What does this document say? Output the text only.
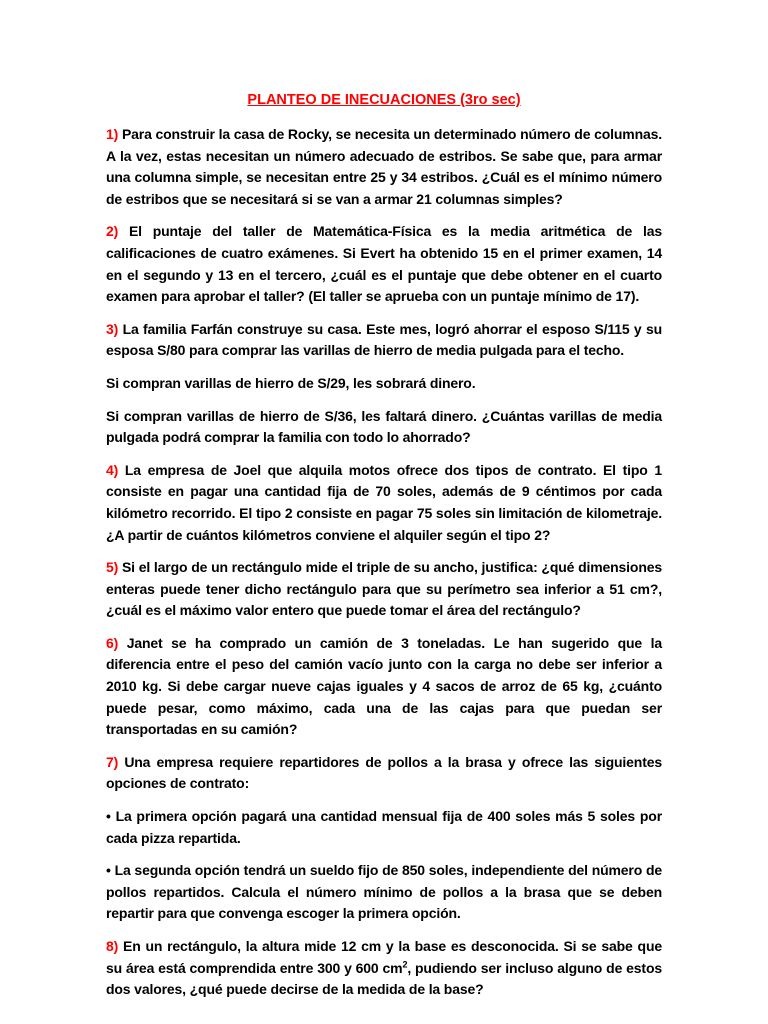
PLANTEO DE INECUACIONES (3ro sec)

1) Para construir la casa de Rocky, se necesita un determinado número de columnas. A la vez, estas necesitan un número adecuado de estribos. Se sabe que, para armar una columna simple, se necesitan entre 25 y 34 estribos. ¿Cuál es el mínimo número de estribos que se necesitará si se van a armar 21 columnas simples?

2) El puntaje del taller de Matemática-Física es la media aritmética de las calificaciones de cuatro exámenes. Si Evert ha obtenido 15 en el primer examen, 14 en el segundo y 13 en el tercero, ¿cuál es el puntaje que debe obtener en el cuarto examen para aprobar el taller? (El taller se aprueba con un puntaje mínimo de 17).

3) La familia Farfán construye su casa. Este mes, logró ahorrar el esposo S/115 y su esposa S/80 para comprar las varillas de hierro de media pulgada para el techo.

Si compran varillas de hierro de S/29, les sobrará dinero.

Si compran varillas de hierro de S/36, les faltará dinero. ¿Cuántas varillas de media pulgada podrá comprar la familia con todo lo ahorrado?

4) La empresa de Joel que alquila motos ofrece dos tipos de contrato. El tipo 1 consiste en pagar una cantidad fija de 70 soles, además de 9 céntimos por cada kilómetro recorrido. El tipo 2 consiste en pagar 75 soles sin limitación de kilometraje. ¿A partir de cuántos kilómetros conviene el alquiler según el tipo 2?

5) Si el largo de un rectángulo mide el triple de su ancho, justifica: ¿qué dimensiones enteras puede tener dicho rectángulo para que su perímetro sea inferior a 51 cm?, ¿cuál es el máximo valor entero que puede tomar el área del rectángulo?

6) Janet se ha comprado un camión de 3 toneladas. Le han sugerido que la diferencia entre el peso del camión vacío junto con la carga no debe ser inferior a 2010 kg. Si debe cargar nueve cajas iguales y 4 sacos de arroz de 65 kg, ¿cuánto puede pesar, como máximo, cada una de las cajas para que puedan ser transportadas en su camión?

7) Una empresa requiere repartidores de pollos a la brasa y ofrece las siguientes opciones de contrato:

• La primera opción pagará una cantidad mensual fija de 400 soles más 5 soles por cada pizza repartida.

• La segunda opción tendrá un sueldo fijo de 850 soles, independiente del número de pollos repartidos. Calcula el número mínimo de pollos a la brasa que se deben repartir para que convenga escoger la primera opción.

8) En un rectángulo, la altura mide 12 cm y la base es desconocida. Si se sabe que su área está comprendida entre 300 y 600 $cm^2$, pudiendo ser incluso alguno de estos dos valores, ¿qué puede decirse de la medida de la base?
